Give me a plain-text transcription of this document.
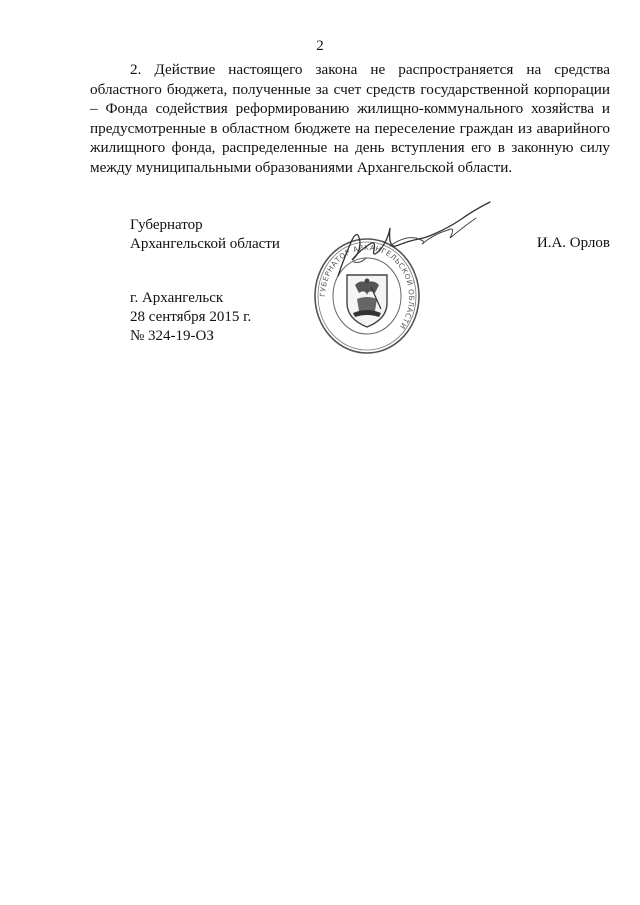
2

2. Действие настоящего закона не распространяется на средства областного бюджета, полученные за счет средств государственной корпорации – Фонда содействия реформированию жилищно-коммунального хозяйства и предусмотренные в областном бюджете на переселение граждан из аварийного жилищного фонда, распределенные на день вступления его в законную силу между муниципальными образованиями Архангельской области.

Губернатор
Архангельской области	И.А. Орлов
ГУБЕРНАТОР АРХАНГЕЛЬСКОЙ ОБЛАСТИ
г. Архангельск
28 сентября 2015 г.
№ 324-19-ОЗ
